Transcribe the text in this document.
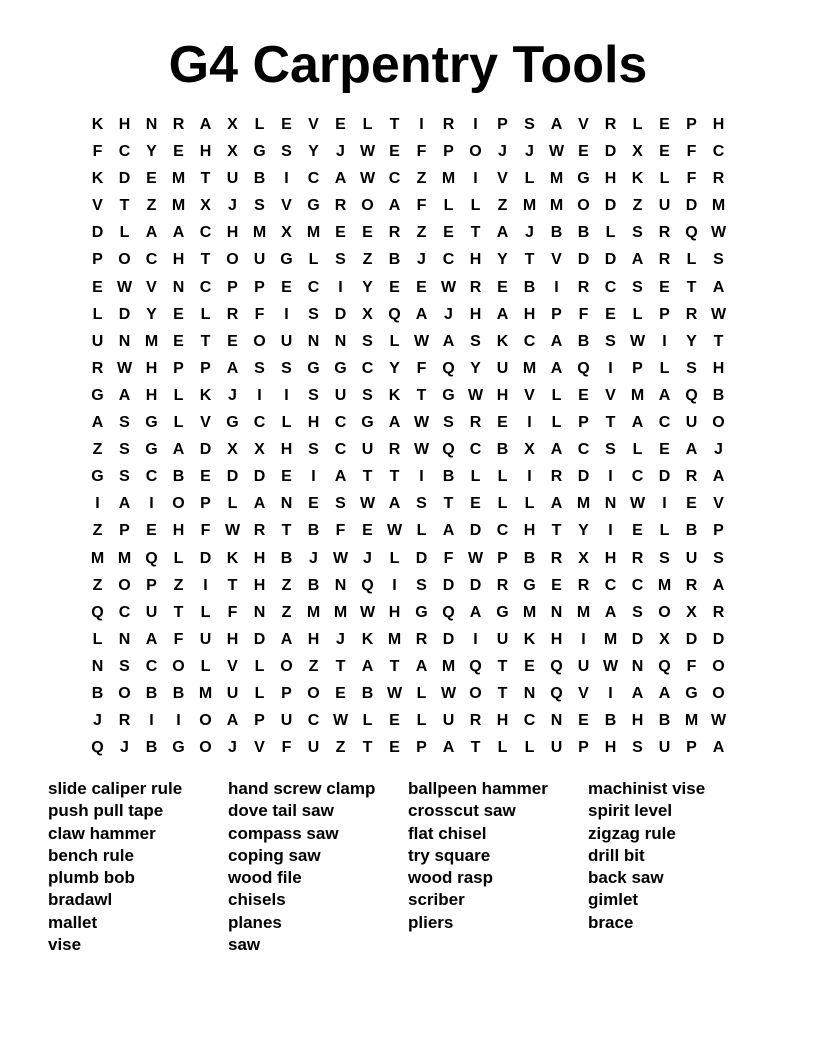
G4 Carpentry Tools
K H N R A X	L	E	V	E	L	T	I	R	I	P	S A V R	L	E	P H
F	C Y	E H X G S	Y	J W E	F	P O	J	J W E D X	E	F	C
K D E M T	U B	I	C A W C	Z M	I	V	L M G H K	L	F	R
V	T	Z M X	J	S	V G R O A	F	L	L	Z M M O D	Z	U D M
D	L	A A C H M X M E	E R	Z	E	T	A	J	B B	L	S R Q W
P O C H	T O U G L	S	Z	B	J	C H Y	T	V D D A R	L	S
E W V N C P	P	E C	I	Y	E	E W R E B	I	R C S	E	T	A
L	D Y	E	L	R	F	I	S D X Q A	J	H A H P	F	E	L	P R W
U N M E	T	E O U N N S	L W A S K C A B S W	I	Y	T
R W H P	P A S	S G G C Y	F Q Y U M A Q	I	P	L	S H
G A H	L	K	J	I	I	S U S K	T G W H V	L	E	V M A Q B
A S G L	V G C	L	H C G A W S R E	I	L	P	T	A C U O
Z	S G A D X	X H S C U R W Q C B X A C S	L	E A	J
G S C B E D D E	I	A	T	T	I	B	L	L	I	R D	I	C D R A
I	A	I	O P	L	A N E	S W A S	T	E	L	L	A M N W	I	E	V
Z	P	E H	F W R	T	B	F	E W L	A D C H	T	Y	I	E	L	B P
M M Q L	D K H B	J W J	L	D	F W P B R X H R S U S
Z O P	Z	I	T	H	Z	B N Q	I	S D D R G E R C C M R A
Q C U	T	L	F	N	Z M M W H G Q A G M N M A S O X R
L	N A	F	U H D A H	J	K M R D	I	U K H	I	M D X D D
N S C O L	V	L O Z	T	A	T	A M Q T	E Q U W N Q F O
B O B B M U	L	P O E B W L W O T	N Q V	I	A A G O
J	R	I	I	O A P U C W L	E	L	U R H C N E B H B M W
Q	J	B G O	J	V	F	U	Z	T	E	P A	T	L	L	U P H S U P A
slide caliper rule
push pull tape
claw hammer
bench rule
plumb bob
bradawl
mallet
vise
hand screw clamp
dove tail saw
compass saw
coping saw
wood file
chisels
planes
saw
ballpeen hammer
crosscut saw
flat chisel
try square
wood rasp
scriber
pliers
machinist vise
spirit level
zigzag rule
drill bit
back saw
gimlet
brace
